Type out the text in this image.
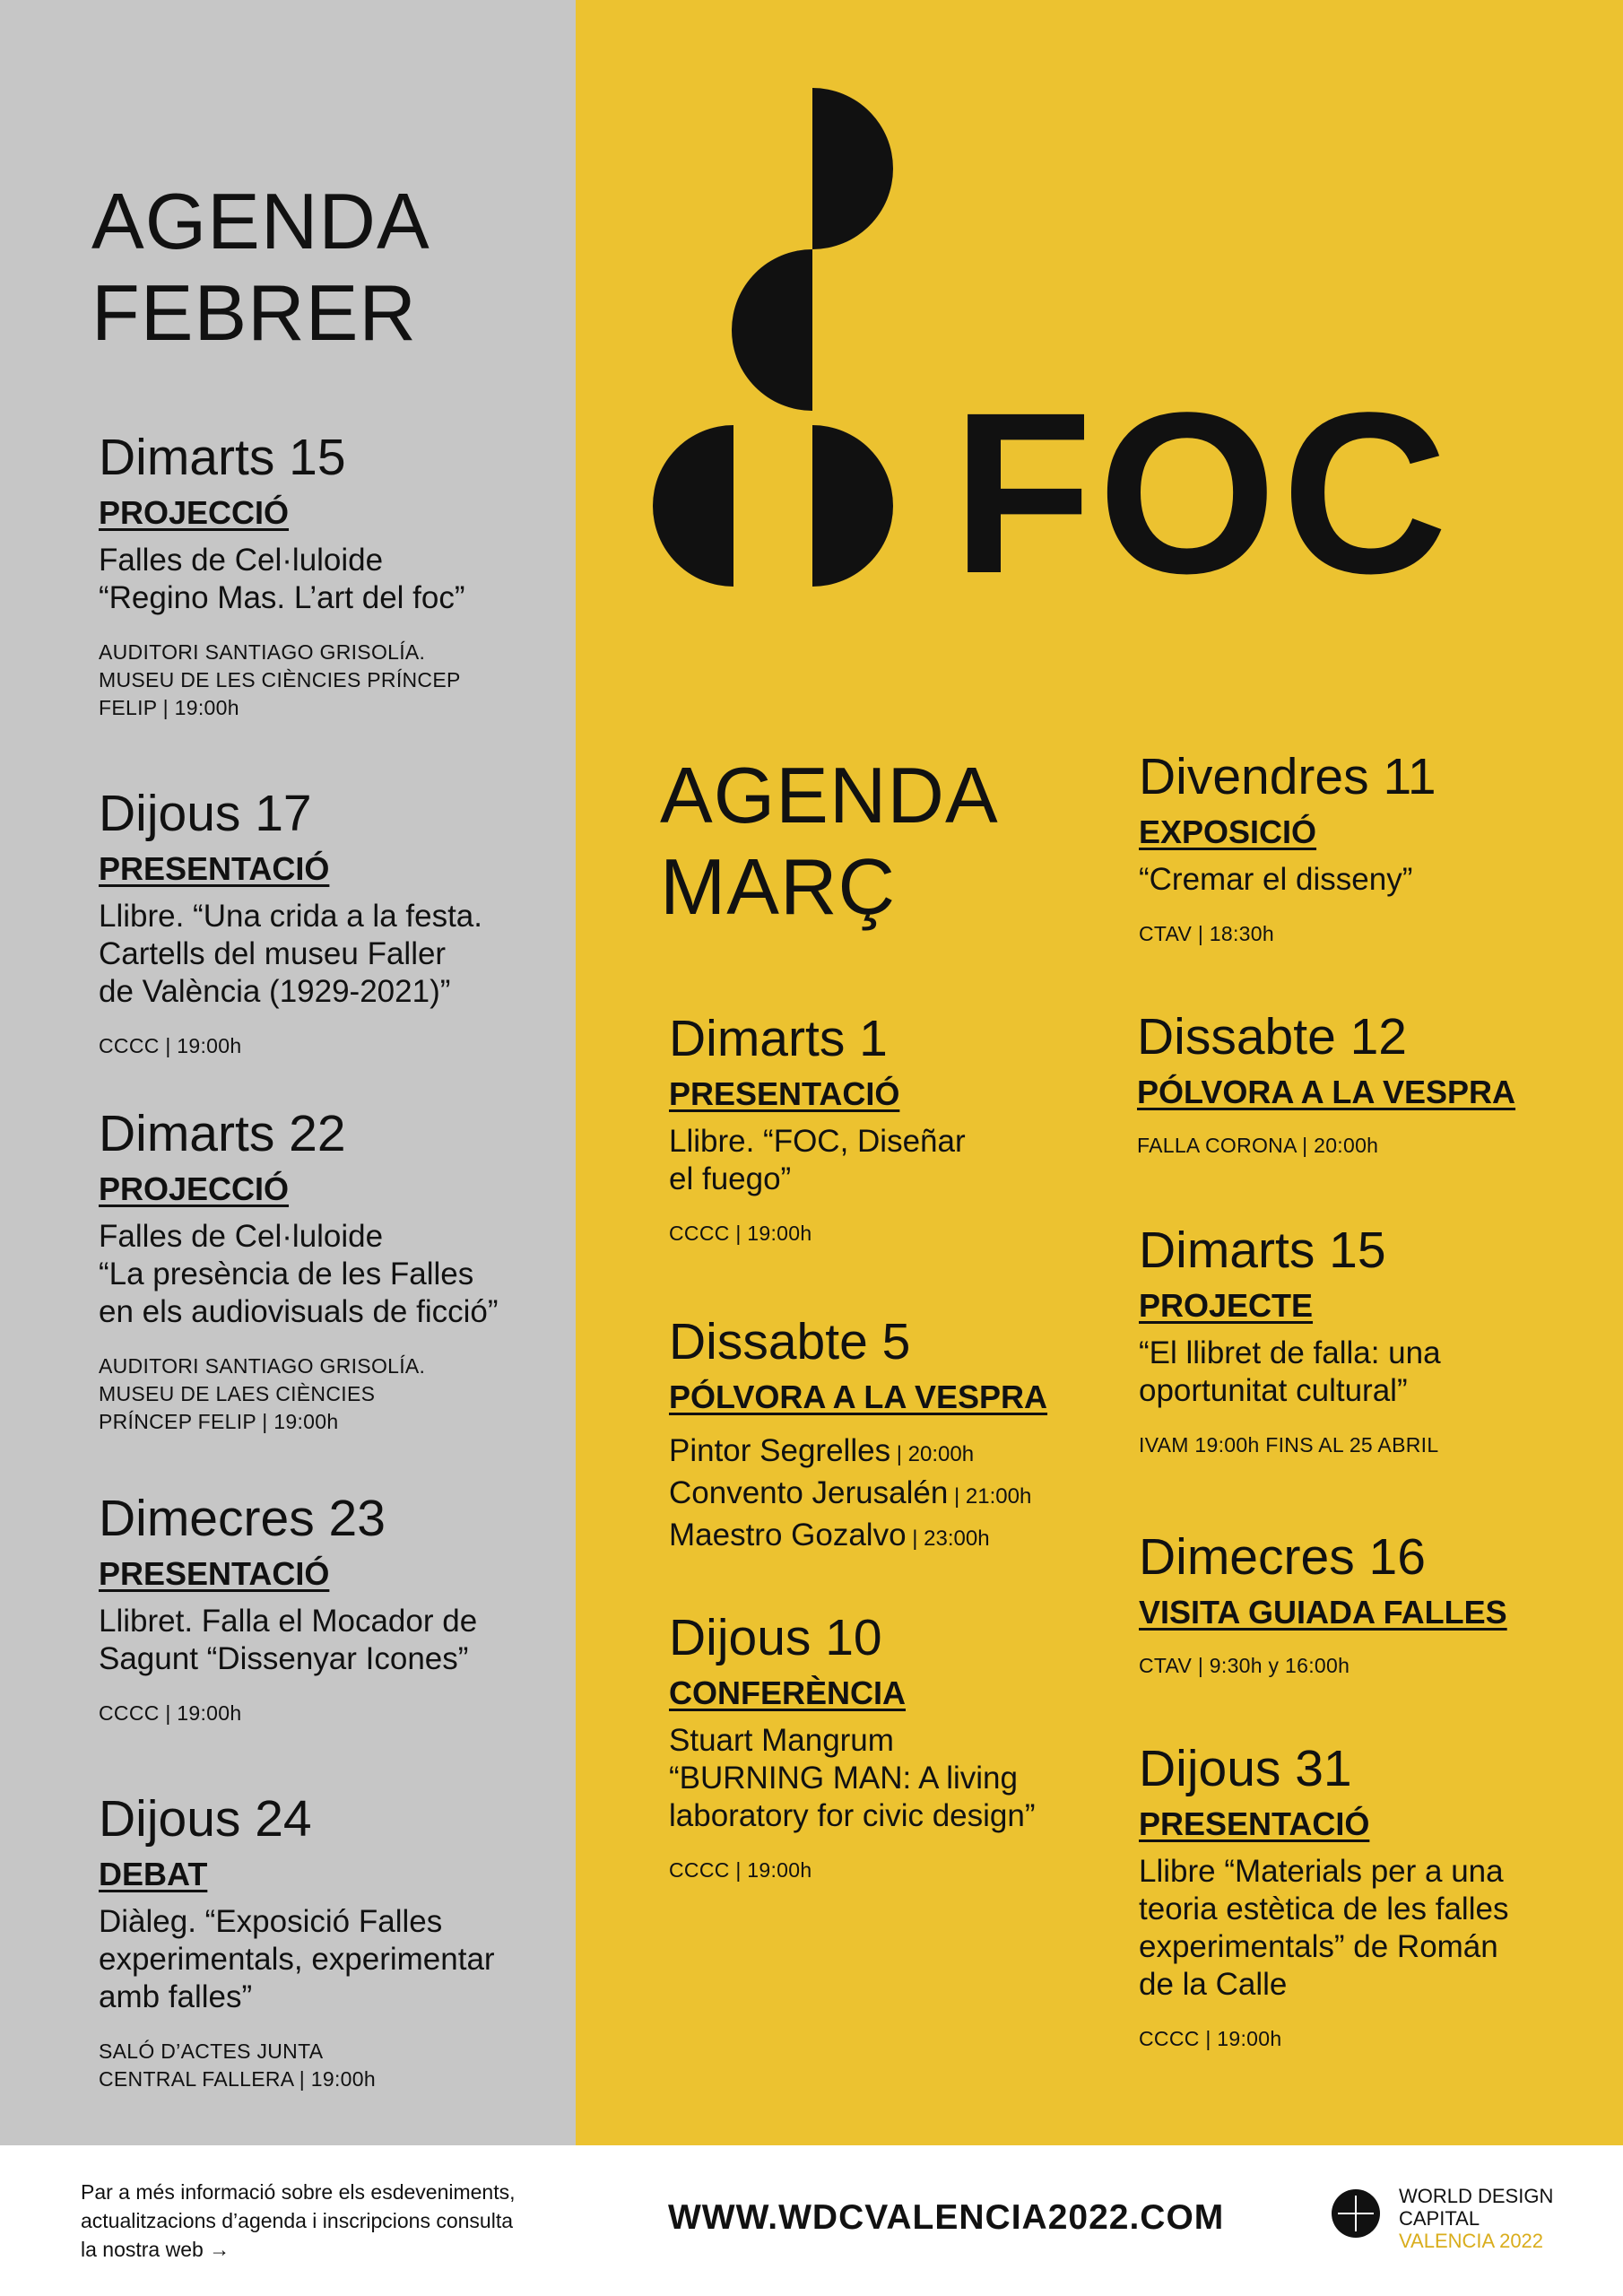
AGENDA
FEBRER
Dimarts 15
PROJECCIÓ
Falles de Cel·luloide
“Regino Mas. L’art del foc”
AUDITORI SANTIAGO GRISOLÍA.
MUSEU DE LES CIÈNCIES PRÍNCEP
FELIP | 19:00h
Dijous 17
PRESENTACIÓ
Llibre. “Una crida a la festa.
Cartells del museu Faller
de València (1929-2021)”
CCCC | 19:00h
Dimarts 22
PROJECCIÓ
Falles de Cel·luloide
“La presència de les Falles
en els audiovisuals de ficció”
AUDITORI SANTIAGO GRISOLÍA.
MUSEU DE LAES CIÈNCIES
PRÍNCEP FELIP | 19:00h
Dimecres 23
PRESENTACIÓ
Llibret. Falla el Mocador de
Sagunt “Dissenyar Icones”
CCCC | 19:00h
Dijous 24
DEBAT
Diàleg. “Exposició Falles
experimentals, experimentar
amb falles”
SALÓ D’ACTES JUNTA
CENTRAL FALLERA | 19:00h
FOC
AGENDA
MARÇ
Dimarts 1
PRESENTACIÓ
Llibre. “FOC, Diseñar
el fuego”
CCCC | 19:00h
Dissabte 5
PÓLVORA A LA VESPRA
Pintor Segrelles | 20:00h
Convento Jerusalén | 21:00h
Maestro Gozalvo | 23:00h
Dijous 10
CONFERÈNCIA
Stuart Mangrum
“BURNING MAN: A living
laboratory for civic design”
CCCC | 19:00h
Divendres 11
EXPOSICIÓ
“Cremar el disseny”
CTAV | 18:30h
Dissabte 12
PÓLVORA A LA VESPRA
FALLA CORONA | 20:00h
Dimarts 15
PROJECTE
“El llibret de falla: una
oportunitat cultural”
IVAM 19:00h FINS AL 25 ABRIL
Dimecres 16
VISITA GUIADA FALLES
CTAV | 9:30h y 16:00h
Dijous 31
PRESENTACIÓ
Llibre “Materials per a una
teoria estètica de les falles
experimentals” de Román
de la Calle
CCCC | 19:00h
Par a més informació sobre els esdeveniments,
actualitzacions d’agenda i inscripcions consulta
la nostra web →
WWW.WDCVALENCIA2022.COM
WORLD DESIGN
CAPITAL
VALENCIA 2022
